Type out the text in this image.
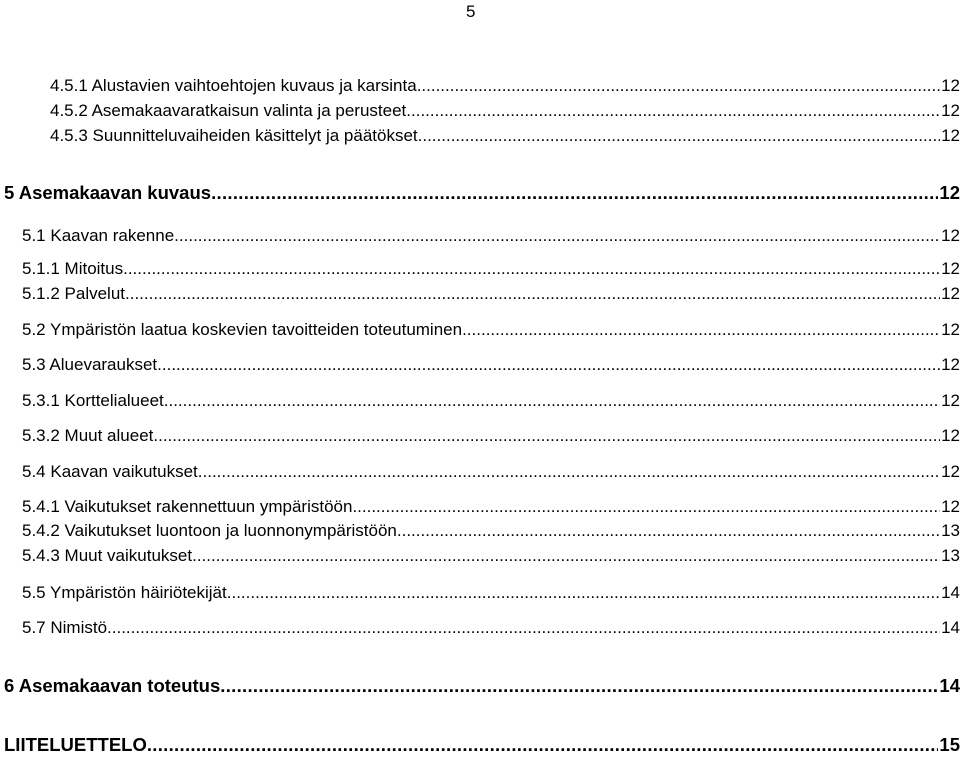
5
4.5.1 Alustavien vaihtoehtojen kuvaus ja karsinta .....	12
4.5.2 Asemakaavaratkaisun valinta ja perusteet .....	12
4.5.3 Suunnitteluvaiheiden käsittelyt ja päätökset .....	12
5 Asemakaavan kuvaus .....	12
5.1 Kaavan rakenne .....	12
5.1.1 Mitoitus .....	12
5.1.2 Palvelut .....	12
5.2 Ympäristön laatua koskevien tavoitteiden toteutuminen .....	12
5.3 Aluevaraukset .....	12
5.3.1 Korttelialueet .....	12
5.3.2 Muut alueet .....	12
5.4 Kaavan vaikutukset .....	12
5.4.1 Vaikutukset rakennettuun ympäristöön .....	12
5.4.2 Vaikutukset luontoon ja luonnonympäristöön .....	13
5.4.3 Muut vaikutukset .....	13
5.5 Ympäristön häiriötekijät .....	14
5.7 Nimistö .....	14
6 Asemakaavan toteutus .....	14
LIITELUETTELO .....	15
